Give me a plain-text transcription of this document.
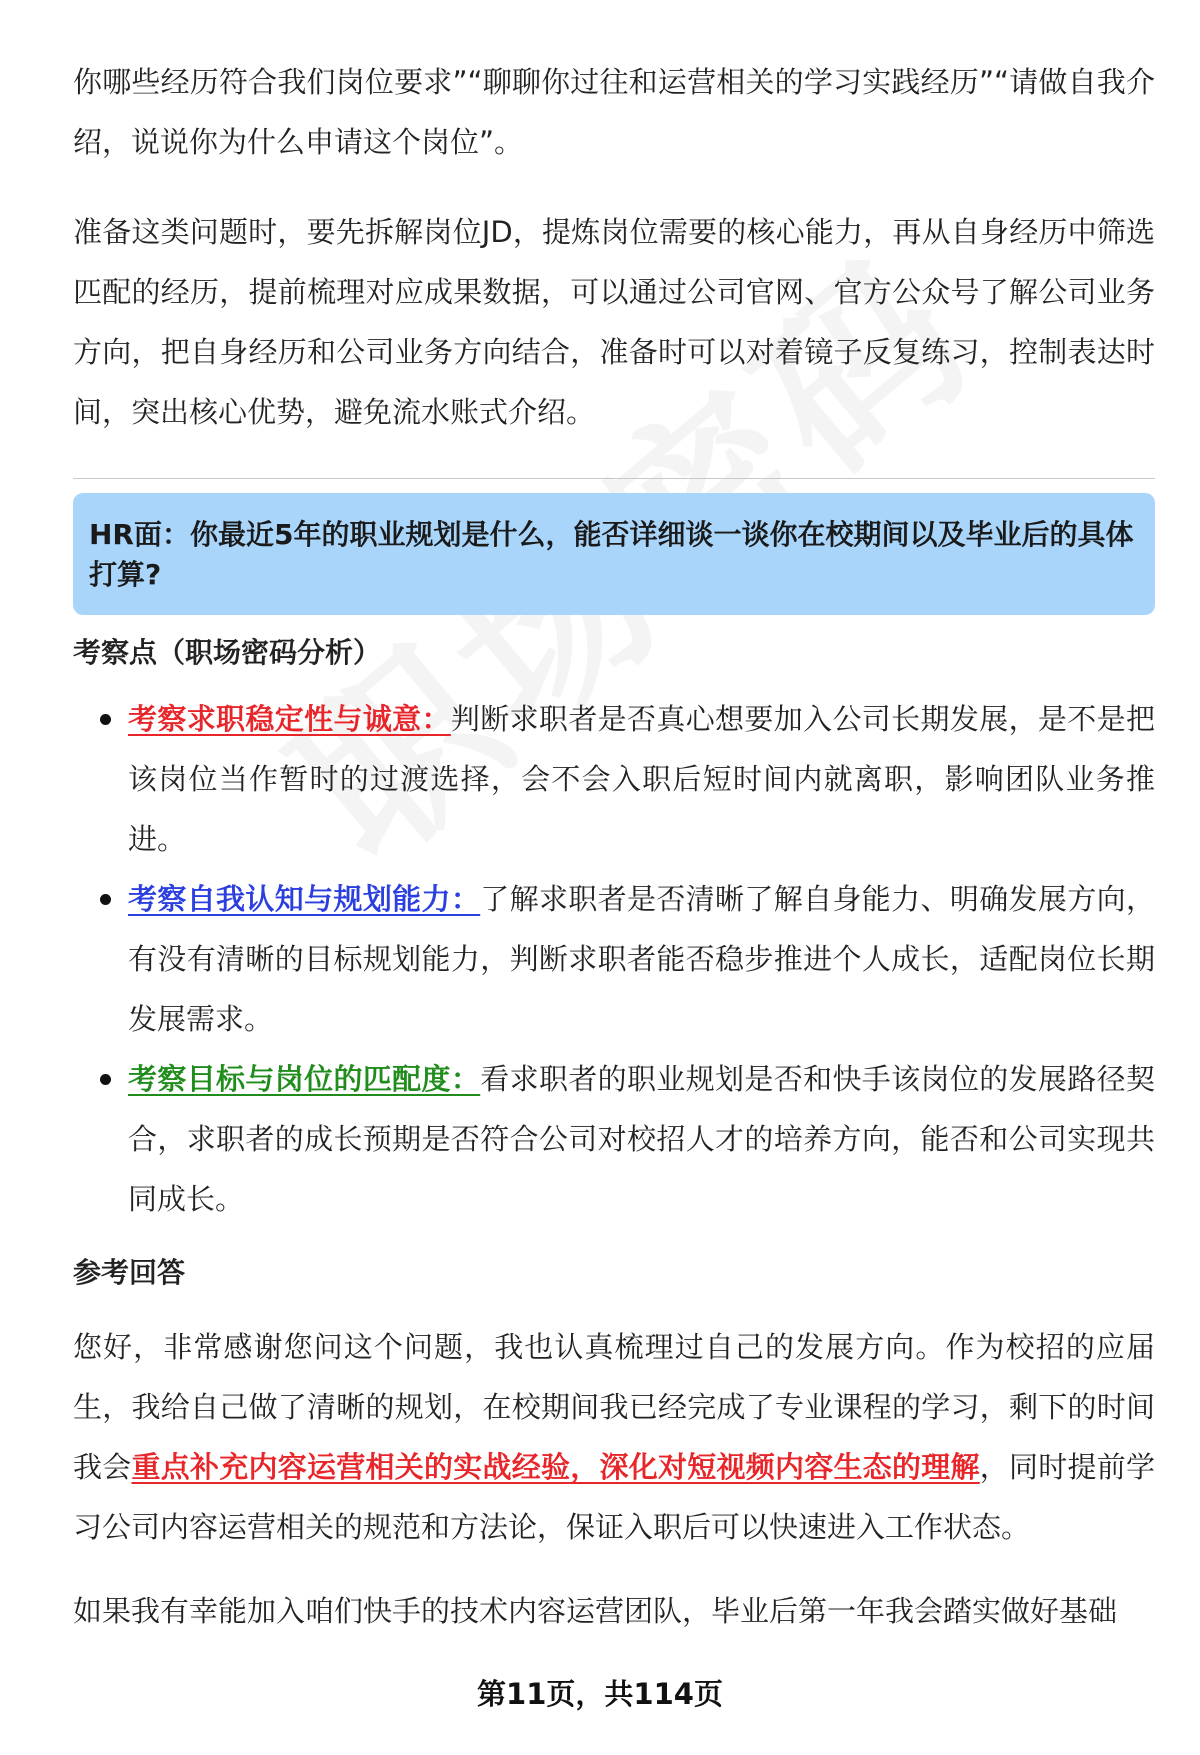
你哪些经历符合我们岗位要求”“聊聊你过往和运营相关的学习实践经历”“请做自我介绍，说说你为什么申请这个岗位”。

准备这类问题时，要先拆解岗位JD，提炼岗位需要的核心能力，再从自身经历中筛选匹配的经历，提前梳理对应成果数据，可以通过公司官网、官方公众号了解公司业务方向，把自身经历和公司业务方向结合，准备时可以对着镜子反复练习，控制表达时间，突出核心优势，避免流水账式介绍。

HR面：你最近5年的职业规划是什么，能否详细谈一谈你在校期间以及毕业后的具体打算?
考察点（职场密码分析）
考察求职稳定性与诚意：判断求职者是否真心想要加入公司长期发展，是不是把该岗位当作暂时的过渡选择，会不会入职后短时间内就离职，影响团队业务推进。
考察自我认知与规划能力：了解求职者是否清晰了解自身能力、明确发展方向，有没有清晰的目标规划能力，判断求职者能否稳步推进个人成长，适配岗位长期发展需求。
考察目标与岗位的匹配度：看求职者的职业规划是否和快手该岗位的发展路径契合，求职者的成长预期是否符合公司对校招人才的培养方向，能否和公司实现共同成长。
参考回答

您好，非常感谢您问这个问题，我也认真梳理过自己的发展方向。作为校招的应届生，我给自己做了清晰的规划，在校期间我已经完成了专业课程的学习，剩下的时间我会重点补充内容运营相关的实战经验，深化对短视频内容生态的理解，同时提前学习公司内容运营相关的规范和方法论，保证入职后可以快速进入工作状态。

如果我有幸能加入咱们快手的技术内容运营团队，毕业后第一年我会踏实做好基础

第11页，共114页
